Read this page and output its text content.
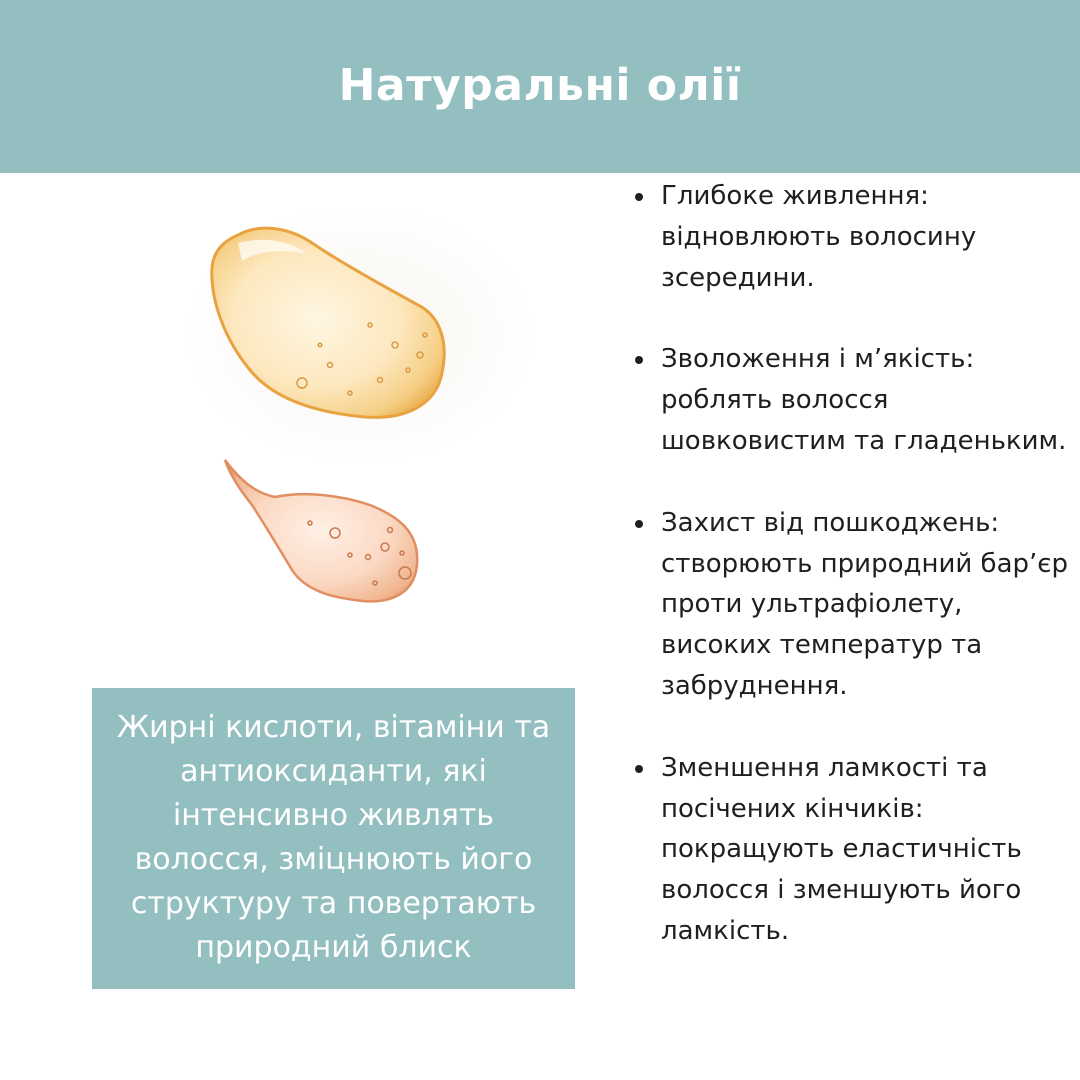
Натуральні олії

Жирні кислоти, вітаміни та антиоксиданти, які інтенсивно живлять волосся, зміцнюють його структуру та повертають природний блиск

Глибоке живлення: відновлюють волосину зсередини.
Зволоження і м’якість: роблять волосся шовковистим та гладеньким.
Захист від пошкоджень: створюють природний бар’єр проти ультрафіолету, високих температур та забруднення.
Зменшення ламкості та посічених кінчиків: покращують еластичність волосся і зменшують його ламкість.
